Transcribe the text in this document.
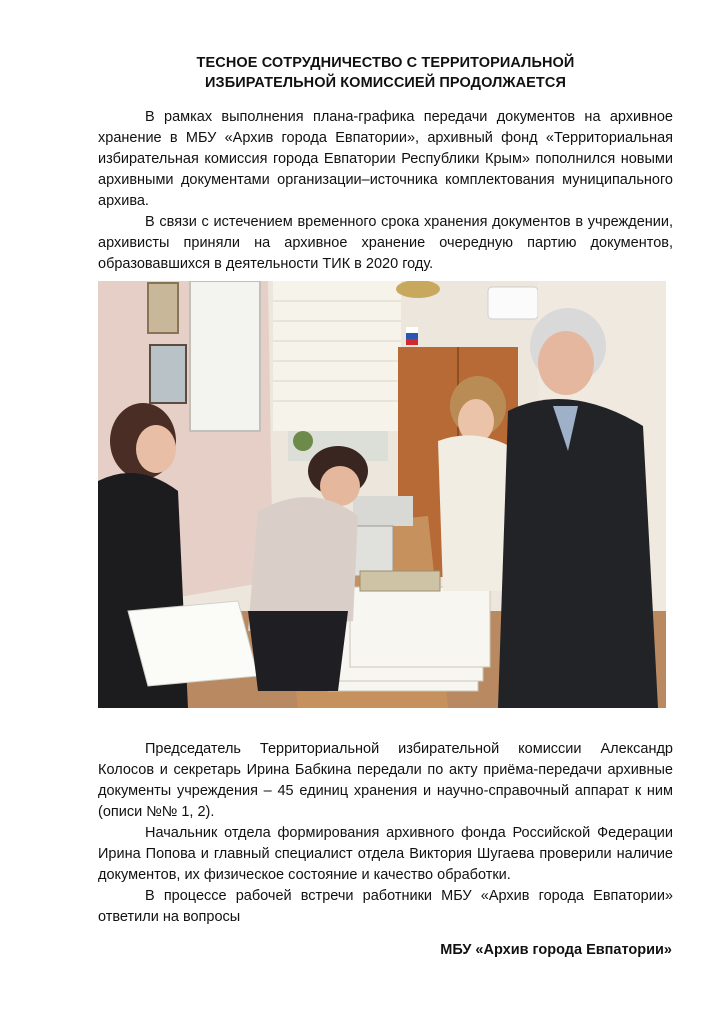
ТЕСНОЕ СОТРУДНИЧЕСТВО С ТЕРРИТОРИАЛЬНОЙ
ИЗБИРАТЕЛЬНОЙ КОМИССИЕЙ ПРОДОЛЖАЕТСЯ

В рамках выполнения плана-графика передачи документов на архивное хранение в МБУ «Архив города Евпатории», архивный фонд «Территориальная избирательная комиссия города Евпатории Республики Крым» пополнился новыми архивными документами организации–источника комплектования муниципального архива.

В связи с истечением временного срока хранения документов в учреждении, архивисты приняли на архивное хранение очередную партию документов, образовавшихся в деятельности ТИК в 2020 году.

Председатель Территориальной избирательной комиссии Александр Колосов и секретарь Ирина Бабкина передали по акту приёма-передачи архивные документы учреждения – 45 единиц хранения и научно-справочный аппарат к ним (описи №№ 1, 2).

Начальник отдела формирования архивного фонда Российской Федерации Ирина Попова и главный специалист отдела Виктория Шугаева проверили наличие документов, их физическое состояние и качество обработки.

В процессе рабочей встречи работники МБУ «Архив города Евпатории» ответили на вопросы

МБУ «Архив города Евпатории»
